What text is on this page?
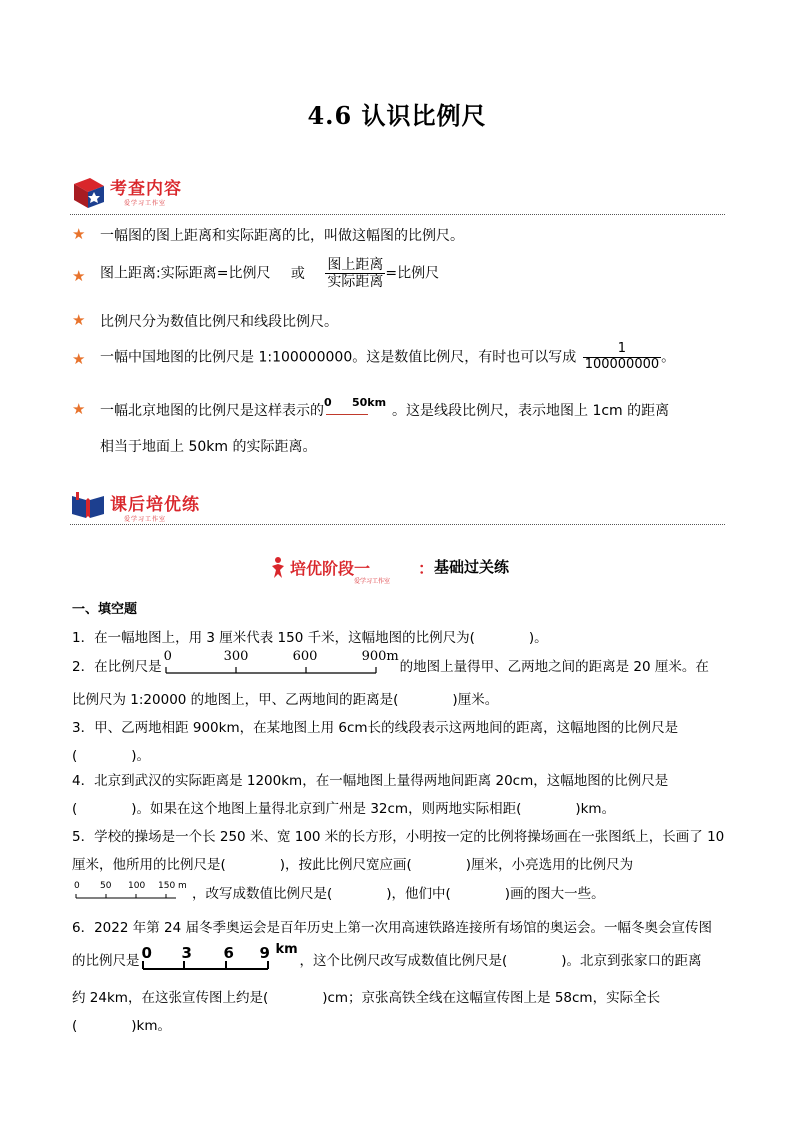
4.6 认识比例尺
考查内容
爱学习工作室
★ 一幅图的图上距离和实际距离的比，叫做这幅图的比例尺。
★ 图上距离:实际距离=比例尺 或 $\frac{\text{图上距离}}{\text{实际距离}}$ =比例尺
★ 比例尺分为数值比例尺和线段比例尺。
★ 一幅中国地图的比例尺是 1:100000000。这是数值比例尺，有时也可以写成 $\frac{1}{100000000}$ 。
★ 一幅北京地图的比例尺是这样表示的
0 50km
。这是线段比例尺，表示地图上 1cm 的距离
相当于地面上 50km 的实际距离。
课后培优练
爱学习工作室
培优阶段一	： 基础过关练
爱学习工作室
一、填空题
1．在一幅地图上，用 3 厘米代表 150 千米，这幅地图的比例尺为(　　　　)。
2．在比例尺是
0	300	600	900m
的地图上量得甲、乙两地之间的距离是 20 厘米。在
比例尺为 1:20000 的地图上，甲、乙两地间的距离是(　　　　)厘米。
3．甲、乙两地相距 900km，在某地图上用 6cm长的线段表示这两地间的距离，这幅地图的比例尺是
(　　　　)。
4．北京到武汉的实际距离是 1200km，在一幅地图上量得两地间距离 20cm，这幅地图的比例尺是
(　　　　)。如果在这个地图上量得北京到广州是 32cm，则两地实际相距(　　　　)km。
5．学校的操场是一个长 250 米、宽 100 米的长方形，小明按一定的比例将操场画在一张图纸上，长画了 10
厘米，他所用的比例尺是(　　　　)，按此比例尺宽应画(　　　　)厘米，小亮选用的比例尺为
0 50 100 150 m ，改写成数值比例尺是(　　　　)，他们中(　　　　)画的图大一些。
6．2022 年第 24 届冬季奥运会是百年历史上第一次用高速铁路连接所有场馆的奥运会。一幅冬奥会宣传图
的比例尺是 0 3 6 9 km
，这个比例尺改写成数值比例尺是(　　　　)。北京到张家口的距离
约 24km，在这张宣传图上约是(　　　　)cm；京张高铁全线在这幅宣传图上是 58cm，实际全长
(　　　　)km。
